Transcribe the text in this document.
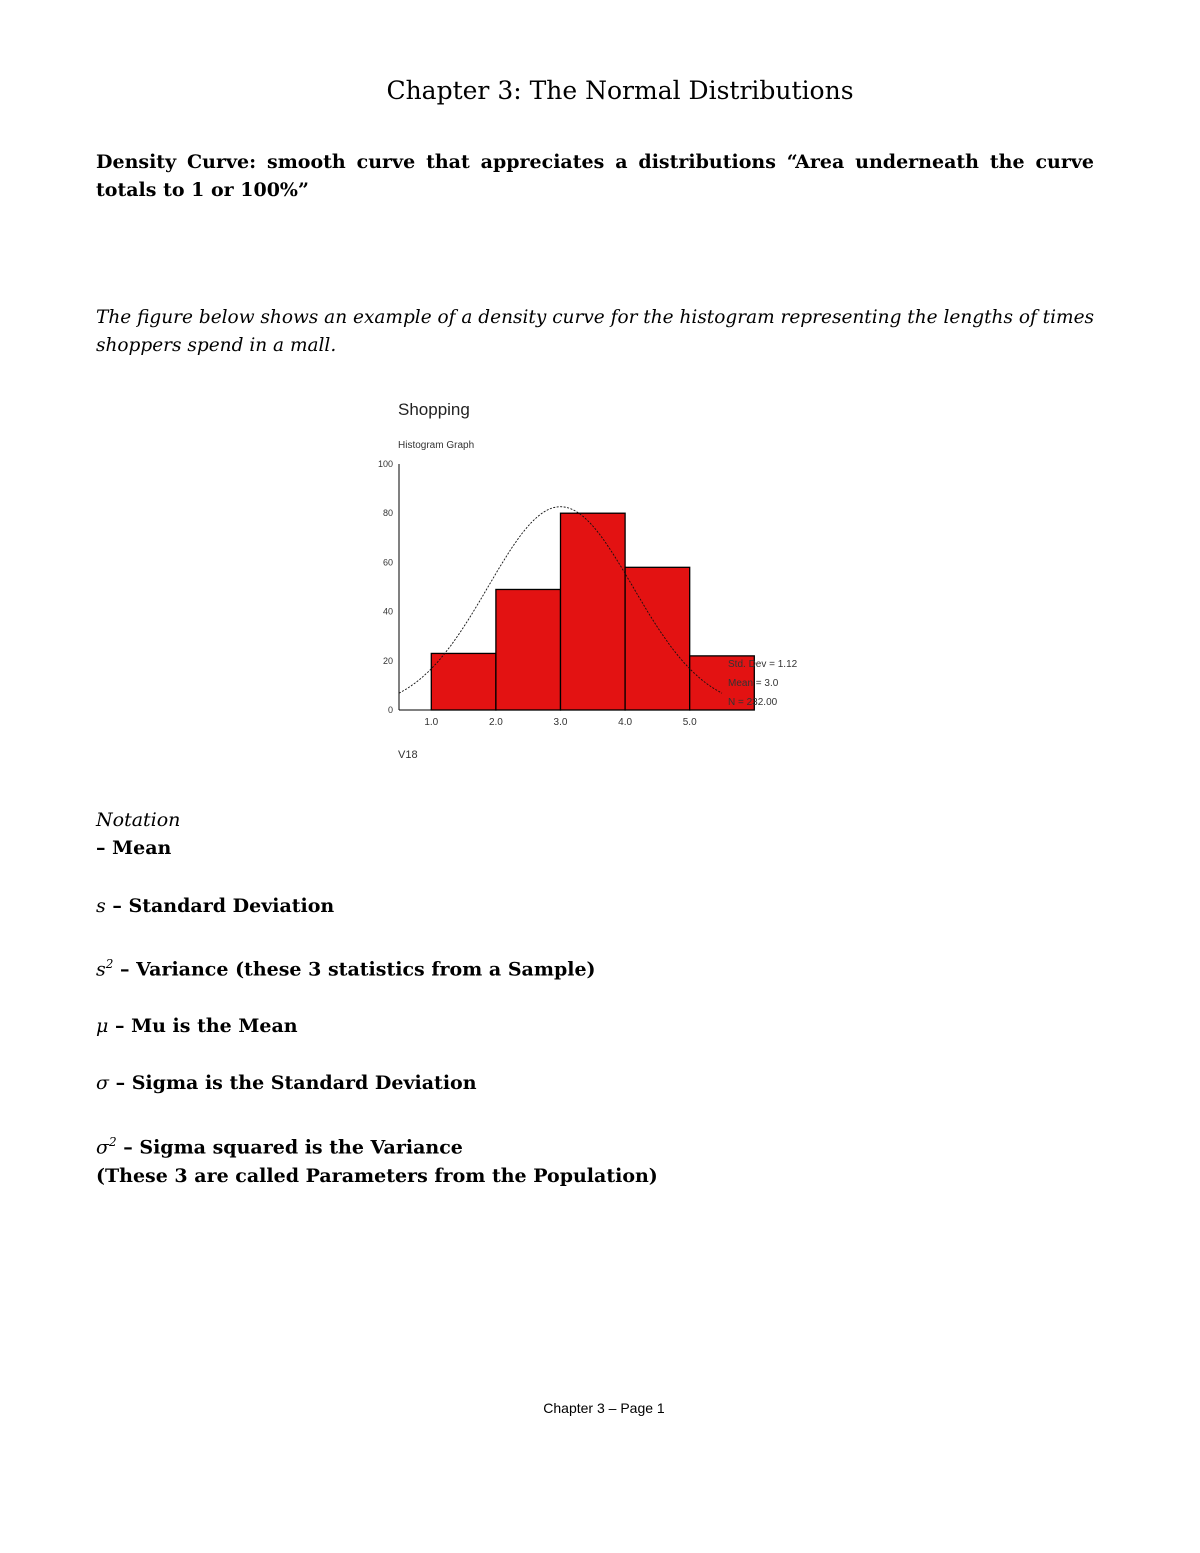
Chapter 3: The Normal Distributions
Density Curve: smooth curve that appreciates a distributions “Area underneath the curve totals to 1 or 100%”
The figure below shows an example of a density curve for the histogram representing the lengths of times shoppers spend in a mall.
Shopping
Histogram Graph
0
20
40
60
80
100
1.0	2.0	3.0	4.0	5.0
Std. Dev = 1.12
Mean = 3.0
N = 232.00
V18
Notation
– Mean
s – Standard Deviation
$s^2$ – Variance (these 3 statistics from a Sample)
μ – Mu is the Mean
σ – Sigma is the Standard Deviation
$\sigma^2$ – Sigma squared is the Variance
(These 3 are called Parameters from the Population)
Chapter 3 – Page 1
